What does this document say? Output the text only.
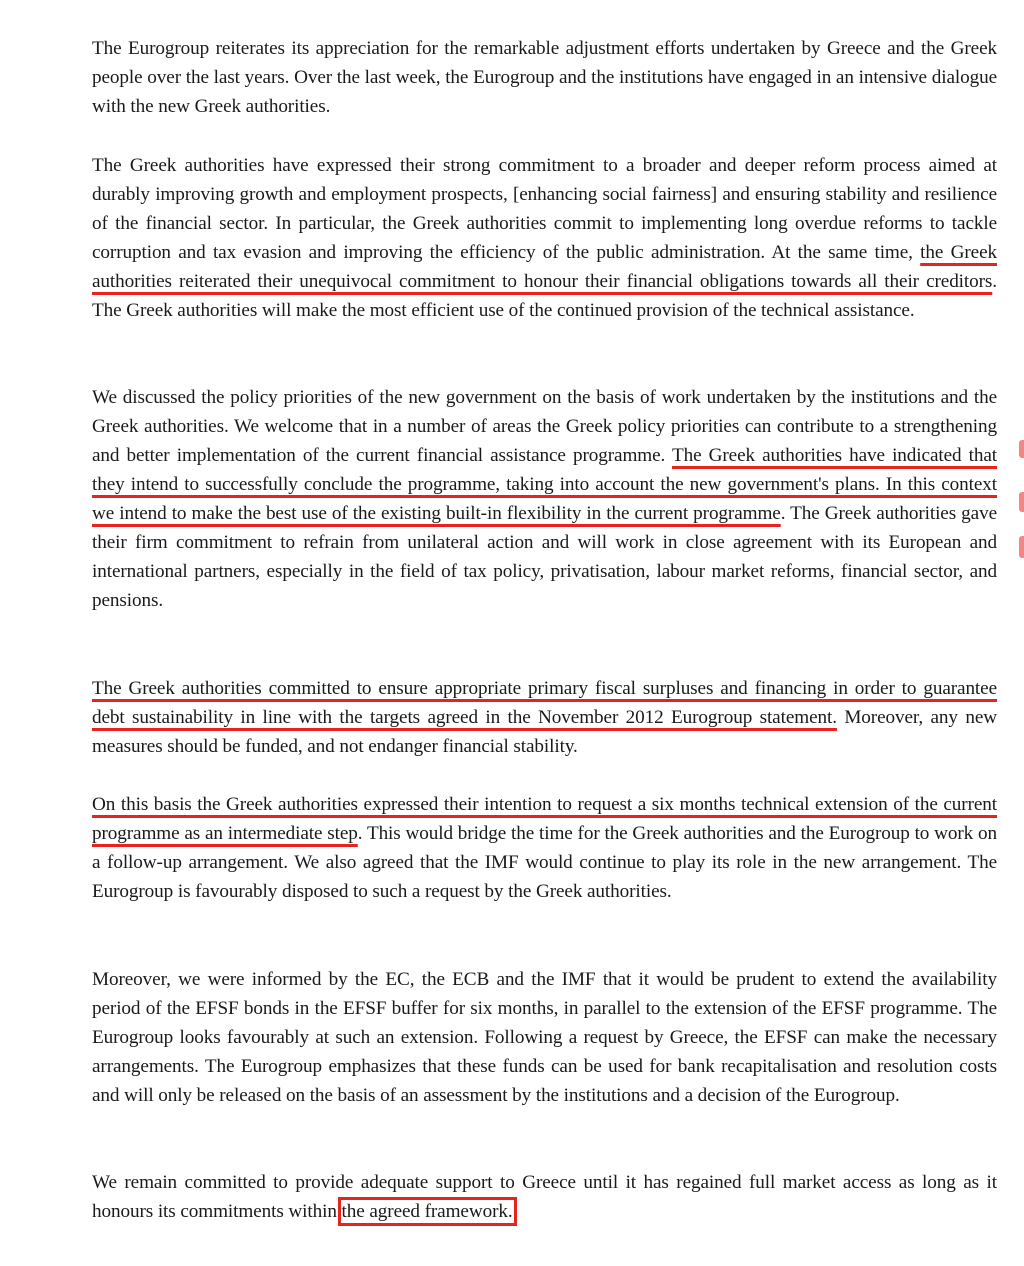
The Eurogroup reiterates its appreciation for the remarkable adjustment efforts undertaken by Greece and the Greek people over the last years. Over the last week, the Eurogroup and the institutions have engaged in an intensive dialogue with the new Greek authorities.

The Greek authorities have expressed their strong commitment to a broader and deeper reform process aimed at durably improving growth and employment prospects, [enhancing social fairness] and ensuring stability and resilience of the financial sector. In particular, the Greek authorities commit to implementing long overdue reforms to tackle corruption and tax evasion and improving the efficiency of the public administration. At the same time, the Greek authorities reiterated their unequivocal commitment to honour their financial obligations towards all their creditors. The Greek authorities will make the most efficient use of the continued provision of the technical assistance.

We discussed the policy priorities of the new government on the basis of work undertaken by the institutions and the Greek authorities. We welcome that in a number of areas the Greek policy priorities can contribute to a strengthening and better implementation of the current financial assistance programme. The Greek authorities have indicated that they intend to successfully conclude the programme, taking into account the new government's plans. In this context we intend to make the best use of the existing built-in flexibility in the current programme. The Greek authorities gave their firm commitment to refrain from unilateral action and will work in close agreement with its European and international partners, especially in the field of tax policy, privatisation, labour market reforms, financial sector, and pensions.

The Greek authorities committed to ensure appropriate primary fiscal surpluses and financing in order to guarantee debt sustainability in line with the targets agreed in the November 2012 Eurogroup statement. Moreover, any new measures should be funded, and not endanger financial stability.

On this basis the Greek authorities expressed their intention to request a six months technical extension of the current programme as an intermediate step. This would bridge the time for the Greek authorities and the Eurogroup to work on a follow-up arrangement. We also agreed that the IMF would continue to play its role in the new arrangement. The Eurogroup is favourably disposed to such a request by the Greek authorities.

Moreover, we were informed by the EC, the ECB and the IMF that it would be prudent to extend the availability period of the EFSF bonds in the EFSF buffer for six months, in parallel to the extension of the EFSF programme. The Eurogroup looks favourably at such an extension. Following a request by Greece, the EFSF can make the necessary arrangements. The Eurogroup emphasizes that these funds can be used for bank recapitalisation and resolution costs and will only be released on the basis of an assessment by the institutions and a decision of the Eurogroup.

We remain committed to provide adequate support to Greece until it has regained full market access as long as it honours its commitments within the agreed framework.
